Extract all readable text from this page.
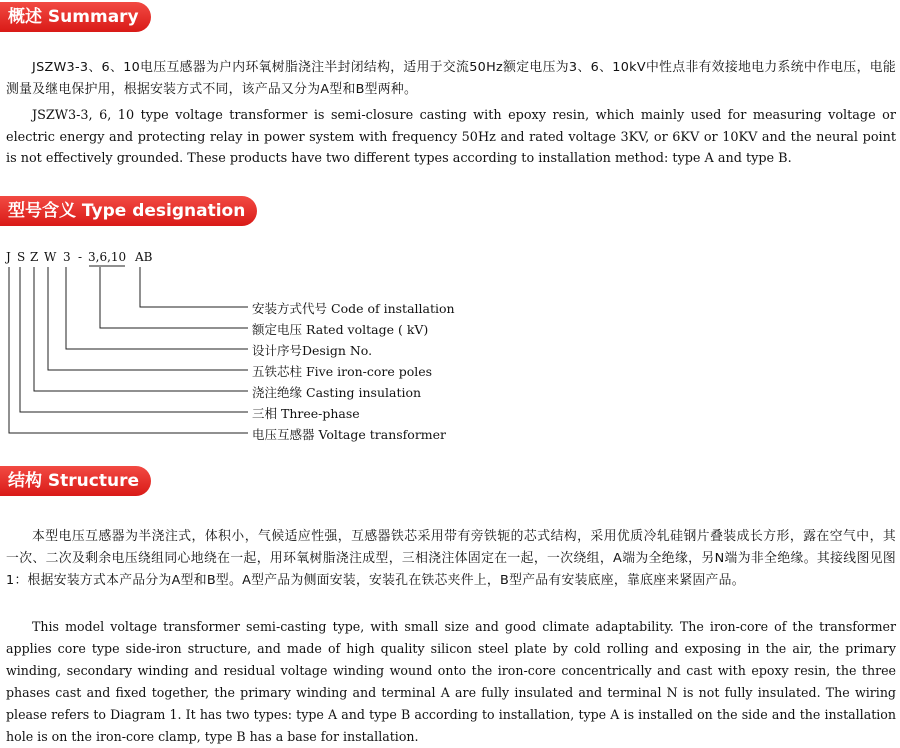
概述 Summary

JSZW3-3、6、10电压互感器为户内环氧树脂浇注半封闭结构，适用于交流50Hz额定电压为3、6、10kV中性点非有效接地电力系统中作电压，电能测量及继电保护用，根据安装方式不同，该产品又分为A型和B型两种。

JSZW3-3, 6, 10 type voltage transformer is semi-closure casting with epoxy resin, which mainly used for measuring voltage or electric energy and protecting relay in power system with frequency 50Hz and rated voltage 3KV, or 6KV or 10KV and the neural point is not effectively grounded. These products have two different types according to installation method: type A and type B.

型号含义 Type designation
J S Z W 3 - 3,6,10 AB
安装方式代号 Code of installation
额定电压 Rated voltage ( kV)
设计序号Design No.
五铁芯柱 Five iron-core poles
浇注绝缘 Casting insulation
三相 Three-phase
电压互感器 Voltage transformer
结构 Structure

本型电压互感器为半浇注式，体积小，气候适应性强，互感器铁芯采用带有旁铁轭的芯式结构，采用优质冷轧硅钢片叠装成长方形，露在空气中，其一次、二次及剩余电压绕组同心地绕在一起，用环氧树脂浇注成型，三相浇注体固定在一起，一次绕组，A端为全绝缘，另N端为非全绝缘。其接线图见图1：根据安装方式本产品分为A型和B型。A型产品为侧面安装，安装孔在铁芯夹件上，B型产品有安装底座，靠底座来紧固产品。

This model voltage transformer semi-casting type, with small size and good climate adaptability. The iron-core of the transformer applies core type side-iron structure, and made of high quality silicon steel plate by cold rolling and exposing in the air, the primary winding, secondary winding and residual voltage winding wound onto the iron-core concentrically and cast with epoxy resin, the three phases cast and fixed together, the primary winding and terminal A are fully insulated and terminal N is not fully insulated. The wiring please refers to Diagram 1. It has two types: type A and type B according to installation, type A is installed on the side and the installation hole is on the iron-core clamp, type B has a base for installation.
